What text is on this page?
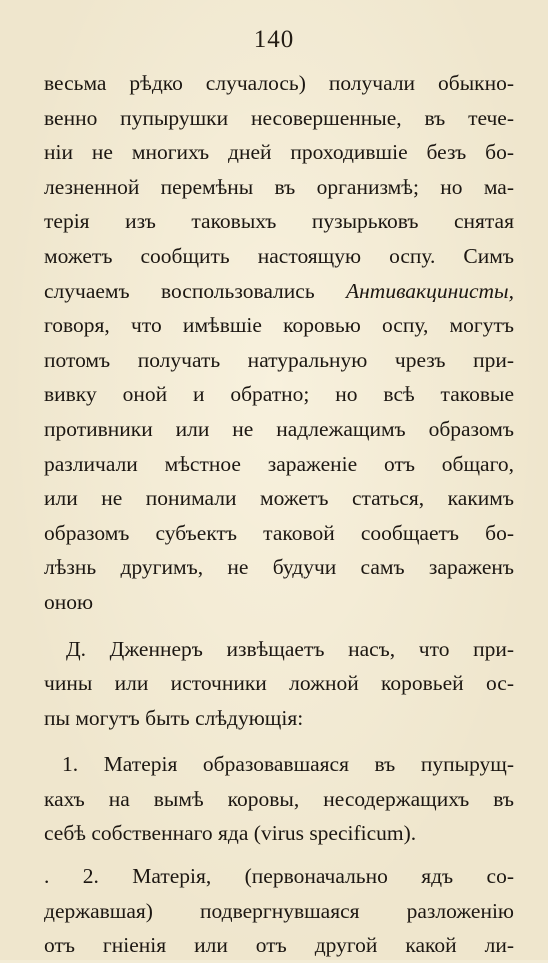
140
весьма рѣдко случалось) получали обыкно-
венно пупырушки несовершенные, въ тече-
нiи не многихъ дней проходившiе безъ бо-
лезненной перемѣны въ организмѣ; но ма-
терiя изъ таковыхъ пузырьковъ снятая
можетъ сообщить настоящую оспу. Симъ
случаемъ воспользовались Антивакцинисты,
говоря, что имѣвшiе коровью оспу, могутъ
потомъ получать натуральную чрезъ при-
вивку оной и обратно; но всѣ таковые
противники или не надлежащимъ образомъ
различали мѣстное зараженiе отъ общаго,
или не понимали можетъ статься, какимъ
образомъ субъектъ таковой сообщаетъ бо-
лѣзнь другимъ, не будучи самъ зараженъ
оною
Д. Дженнеръ извѣщаетъ насъ, что при-
чины или источники ложной коровьей ос-
пы могутъ быть слѣдующiя:
1. Матерiя образовавшаяся въ пупырущ-
кахъ на вымѣ коровы, несодержащихъ въ
себѣ собственнаго яда (virus specificum).
. 2. Матерiя, (первоначально ядъ со-
державшая) подвергнувшаяся разложенiю
отъ гнiенiя или отъ другой какой ли-
